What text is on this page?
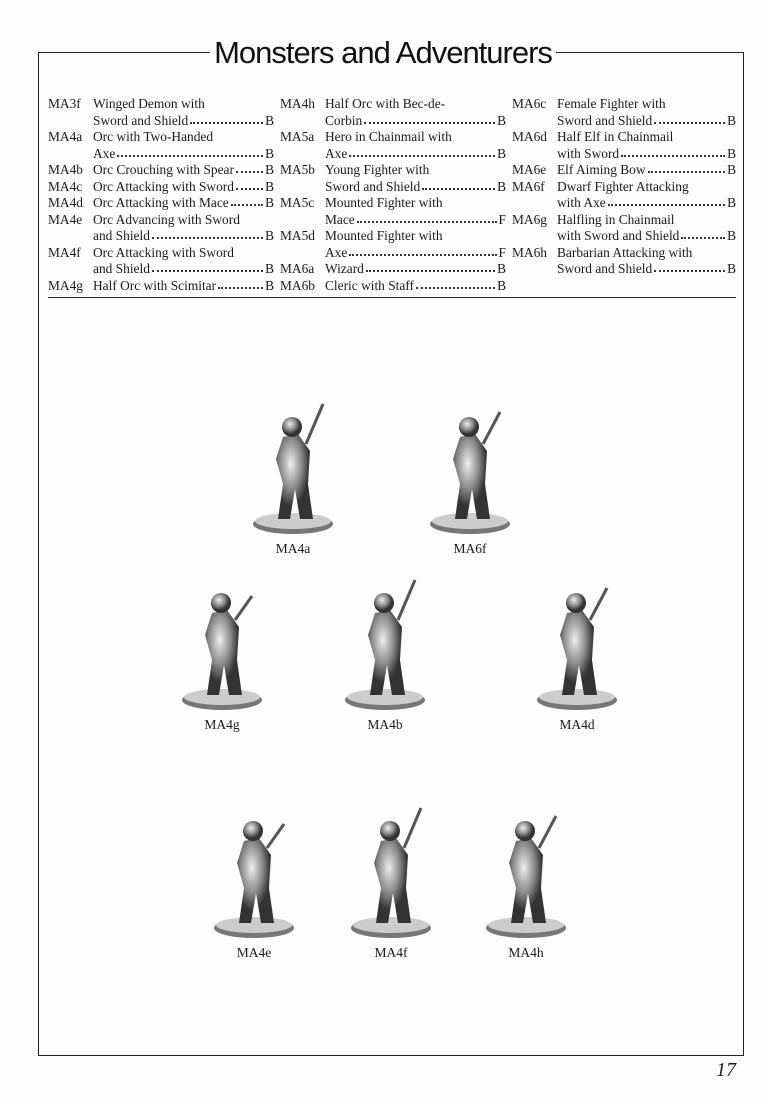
Monsters and Adventurers
MA3f Winged Demon with
Sword and Shield	B
MA4a Orc with Two-Handed
Axe	B
MA4b Orc Crouching with Spear B
MA4c Orc Attacking with Sword B
MA4d Orc Attacking with Mace	B
MA4e Orc Advancing with Sword
and Shield	B
MA4f Orc Attacking with Sword
and Shield	B
MA4g Half Orc with Scimitar	B
MA4h Half Orc with Bec-de-
Corbin	B
MA5a Hero in Chainmail with
Axe	B
MA5b Young Fighter with
Sword and Shield	B
MA5c Mounted Fighter with
Mace	F
MA5d Mounted Fighter with
Axe	F
MA6a Wizard	B
MA6b Cleric with Staff	B
MA6c Female Fighter with
Sword and Shield	B
MA6d Half Elf in Chainmail
with Sword	B
MA6e Elf Aiming Bow	B
MA6f Dwarf Fighter Attacking
with Axe	B
MA6g Halfling in Chainmail
with Sword and Shield	B
MA6h Barbarian Attacking with
Sword and Shield	B
MA4a	MA6f
MA4g	MA4b	MA4d
MA4e	MA4f	MA4h
17
